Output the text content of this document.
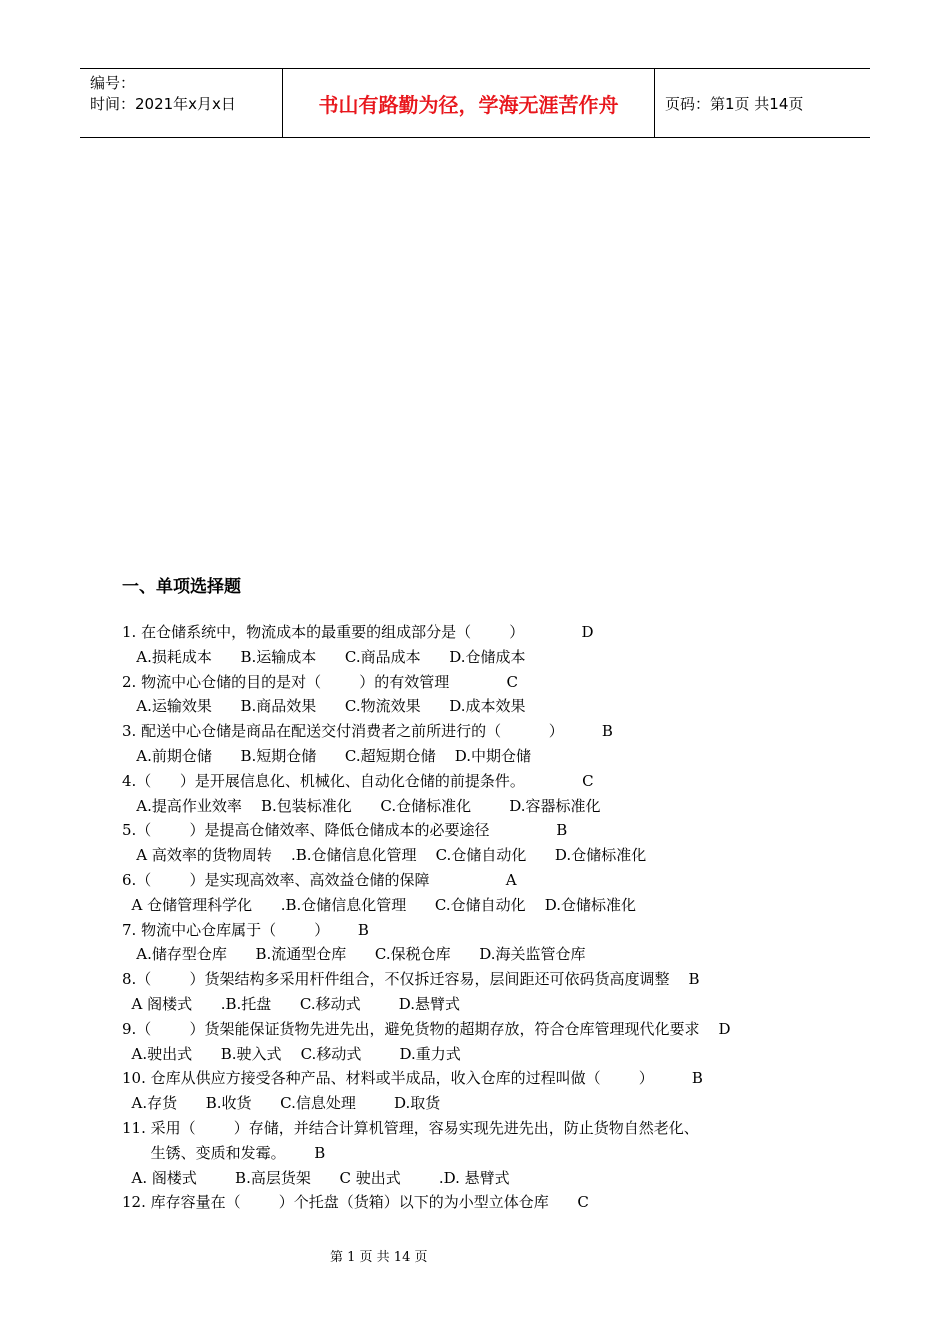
编号：
时间：2021年x月x日	书山有路勤为径，学海无涯苦作舟	页码：第1页 共14页
一、单项选择题
1. 在仓储系统中，物流成本的最重要的组成部分是（        ）            D
A.损耗成本      B.运输成本      C.商品成本      D.仓储成本
2. 物流中心仓储的目的是对（        ）的有效管理            C
A.运输效果      B.商品效果      C.物流效果      D.成本效果
3. 配送中心仓储是商品在配送交付消费者之前所进行的（          ）        B
A.前期仓储      B.短期仓储      C.超短期仓储    D.中期仓储
4.（      ）是开展信息化、机械化、自动化仓储的前提条件。            C
A.提高作业效率    B.包装标准化      C.仓储标准化        D.容器标准化
5.（        ）是提高仓储效率、降低仓储成本的必要途径              B
A 高效率的货物周转    .B.仓储信息化管理    C.仓储自动化      D.仓储标准化
6.（        ）是实现高效率、高效益仓储的保障                A
A 仓储管理科学化      .B.仓储信息化管理      C.仓储自动化    D.仓储标准化
7. 物流中心仓库属于（        ）      B
A.储存型仓库      B.流通型仓库      C.保税仓库      D.海关监管仓库
8.（        ）货架结构多采用杆件组合，不仅拆迁容易，层间距还可依码货高度调整    B
A 阁楼式      .B.托盘      C.移动式        D.悬臂式
9.（        ）货架能保证货物先进先出，避免货物的超期存放，符合仓库管理现代化要求    D
A.驶出式      B.驶入式    C.移动式        D.重力式
10. 仓库从供应方接受各种产品、材料或半成品，收入仓库的过程叫做（        ）        B
A.存货      B.收货      C.信息处理        D.取货
11. 采用（        ）存储，并结合计算机管理，容易实现先进先出，防止货物自然老化、
生锈、变质和发霉。      B
A. 阁楼式        B.高层货架      C 驶出式        .D. 悬臂式
12. 库存容量在（        ）个托盘（货箱）以下的为小型立体仓库      C
第 1 页 共 14 页
